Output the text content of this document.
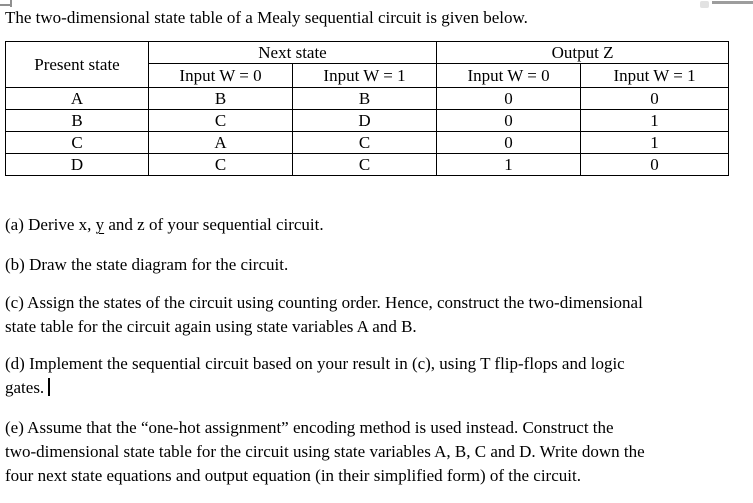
The two-dimensional state table of a Mealy sequential circuit is given below.
Present state	Next state		Output Z	
	Input W = 0	Input W = 1	Input W = 0	Input W = 1
A	B	B	0	0
B	C	D	0	1
C	A	C	0	1
D	C	C	1	0
(a) Derive x, y and z of your sequential circuit.
(b) Draw the state diagram for the circuit.
(c) Assign the states of the circuit using counting order. Hence, construct the two-dimensional
state table for the circuit again using state variables A and B.
(d) Implement the sequential circuit based on your result in (c), using T flip-flops and logic
gates.
(e) Assume that the “one-hot assignment” encoding method is used instead. Construct the
two-dimensional state table for the circuit using state variables A, B, C and D. Write down the
four next state equations and output equation (in their simplified form) of the circuit.
